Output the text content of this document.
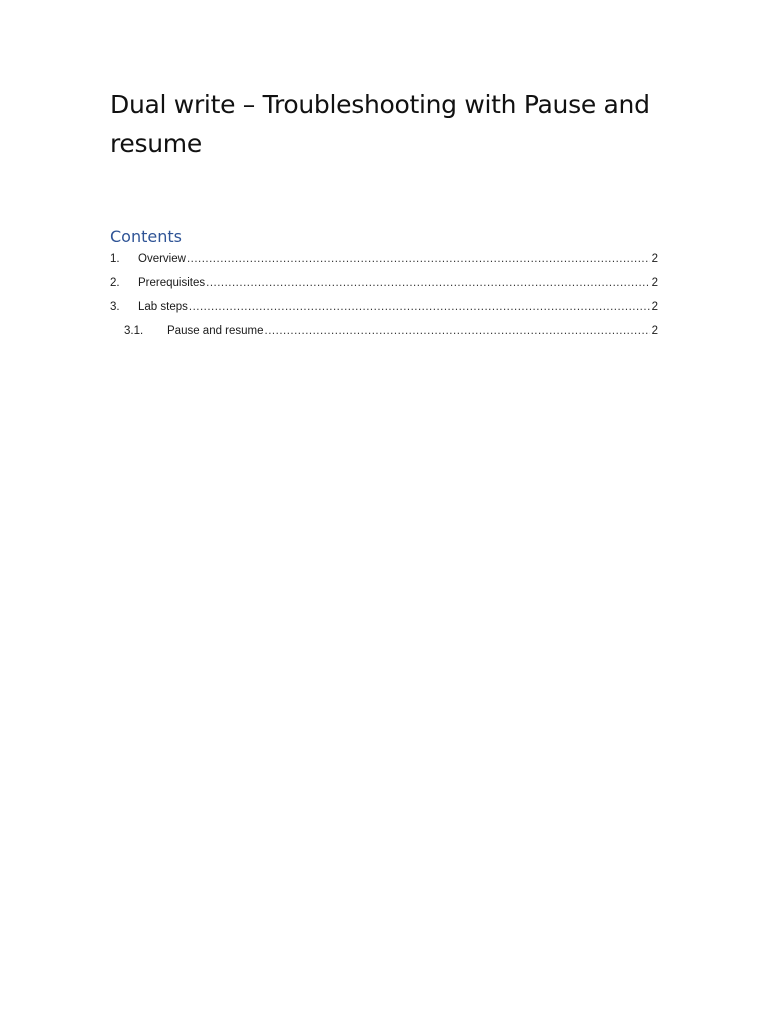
Dual write – Troubleshooting with Pause and resume
Contents
1.	Overview .....	2
2.	Prerequisites .....	2
3.	Lab steps .....	2
3.1.	Pause and resume .....	2
